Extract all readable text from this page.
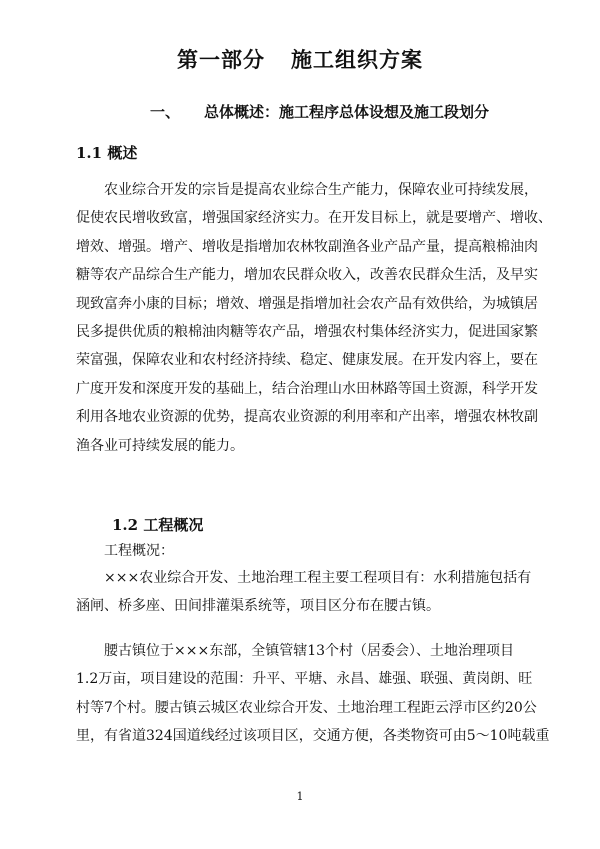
第一部分 施工组织方案
一、 总体概述：施工程序总体设想及施工段划分
1.1 概述
农业综合开发的宗旨是提高农业综合生产能力，保障农业可持续发展，
促使农民增收致富，增强国家经济实力。在开发目标上，就是要增产、增收、
增效、增强。增产、增收是指增加农林牧副渔各业产品产量，提高粮棉油肉
糖等农产品综合生产能力，增加农民群众收入，改善农民群众生活，及早实
现致富奔小康的目标；增效、增强是指增加社会农产品有效供给，为城镇居
民多提供优质的粮棉油肉糖等农产品，增强农村集体经济实力，促进国家繁
荣富强，保障农业和农村经济持续、稳定、健康发展。在开发内容上，要在
广度开发和深度开发的基础上，结合治理山水田林路等国土资源，科学开发
利用各地农业资源的优势，提高农业资源的利用率和产出率，增强农林牧副
渔各业可持续发展的能力。
1.2 工程概况
工程概况：
×××农业综合开发、土地治理工程主要工程项目有：水利措施包括有
涵闸、桥多座、田间排灌渠系统等，项目区分布在腰古镇。
腰古镇位于×××东部，全镇管辖13个村（居委会）、土地治理项目
1.2万亩，项目建设的范围：升平、平塘、永昌、雄强、联强、黄岗朗、旺
村等7个村。腰古镇云城区农业综合开发、土地治理工程距云浮市区约20公
里，有省道324国道线经过该项目区，交通方便，各类物资可由5～10吨载重
1
